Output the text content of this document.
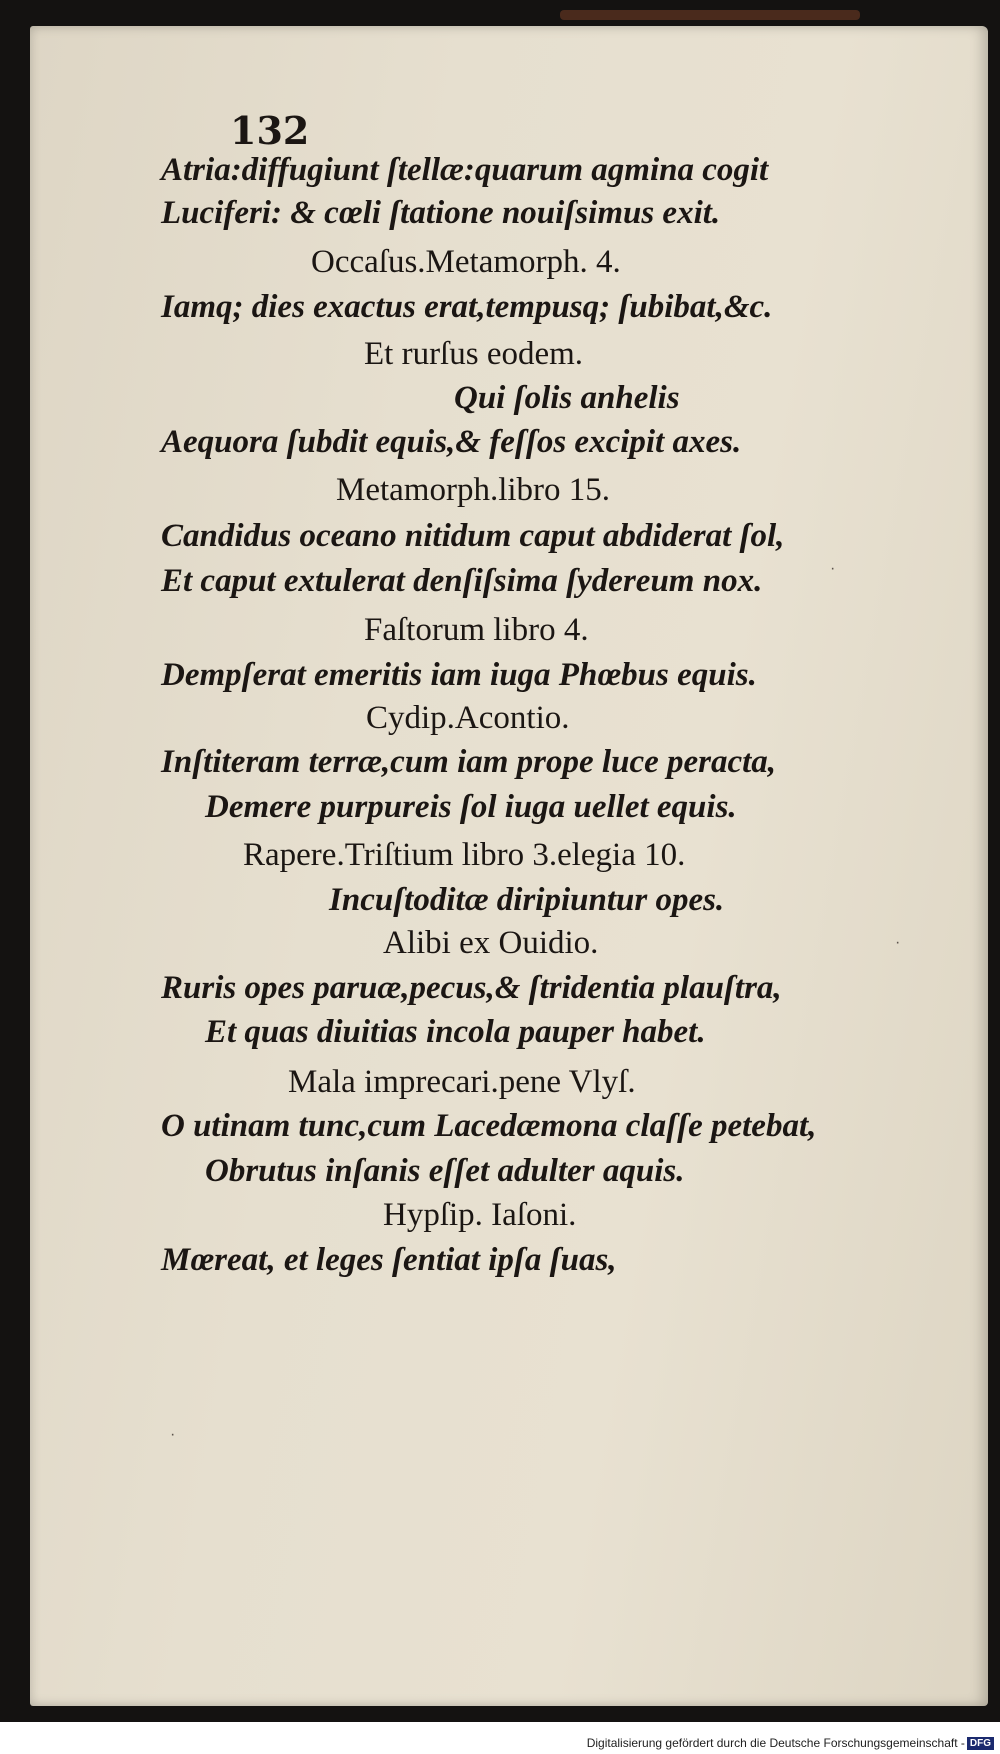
132
Atria:diffugiunt ſtellæ:quarum agmina cogit
Luciferi: & cœli ſtatione nouiſsimus exit.
Occaſus.Metamorph. 4.
Iamq; dies exactus erat,tempusq; ſubibat,&c.
Et rurſus eodem.
Qui ſolis anhelis
Aequora ſubdit equis,& feſſos excipit axes.
Metamorph.libro 15.
Candidus oceano nitidum caput abdiderat ſol,
Et caput extulerat denſiſsima ſydereum nox.
Faſtorum libro 4.
Dempſerat emeritis iam iuga Phœbus equis.
Cydip.Acontio.
Inſtiteram terræ,cum iam prope luce peracta,
Demere purpureis ſol iuga uellet equis.
Rapere.Triſtium libro 3.elegia 10.
Incuſtoditæ diripiuntur opes.
Alibi ex Ouidio.
Ruris opes paruæ,pecus,& ſtridentia plauſtra,
Et quas diuitias incola pauper habet.
Mala imprecari.pene Vlyſ.
O utinam tunc,cum Lacedæmona claſſe petebat,
Obrutus inſanis eſſet adulter aquis.
Hypſip. Iaſoni.
Mœreat, et leges ſentiat ipſa ſuas,
·
·
·
Digitalisierung gefördert durch die Deutsche Forschungsgemeinschaft - DFG
